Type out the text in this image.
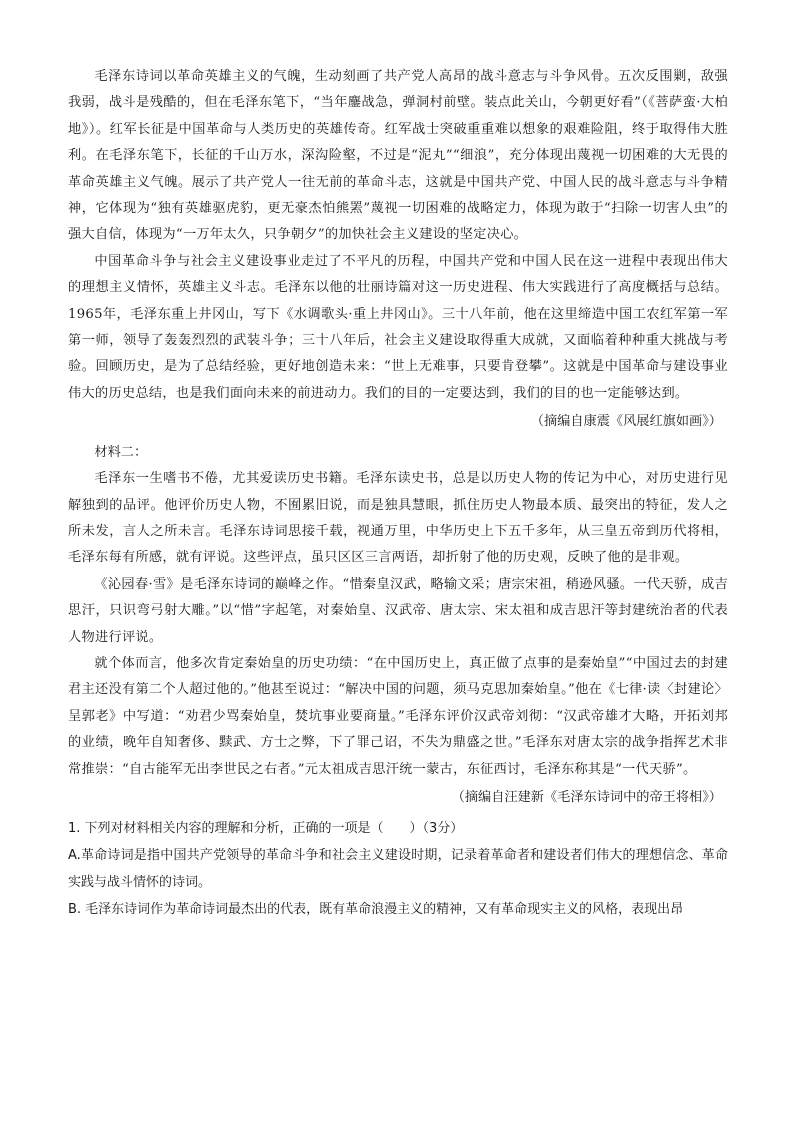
毛泽东诗词以革命英雄主义的气魄，生动刻画了共产党人高昂的战斗意志与斗争风骨。五次反围剿，敌强我弱，战斗是残酷的，但在毛泽东笔下，“当年鏖战急，弹洞村前壁。装点此关山，今朝更好看”（《菩萨蛮·大柏地》）。红军长征是中国革命与人类历史的英雄传奇。红军战士突破重重难以想象的艰难险阻，终于取得伟大胜利。在毛泽东笔下，长征的千山万水，深沟险壑，不过是“泥丸”“细浪”，充分体现出蔑视一切困难的大无畏的革命英雄主义气魄。展示了共产党人一往无前的革命斗志，这就是中国共产党、中国人民的战斗意志与斗争精神，它体现为“独有英雄驱虎豹，更无豪杰怕熊罴”蔑视一切困难的战略定力，体现为敢于“扫除一切害人虫”的强大自信，体现为“一万年太久，只争朝夕”的加快社会主义建设的坚定决心。

中国革命斗争与社会主义建设事业走过了不平凡的历程，中国共产党和中国人民在这一进程中表现出伟大的理想主义情怀，英雄主义斗志。毛泽东以他的壮丽诗篇对这一历史进程、伟大实践进行了高度概括与总结。1965年，毛泽东重上井冈山，写下《水调歌头·重上井冈山》。三十八年前，他在这里缔造中国工农红军第一军第一师，领导了轰轰烈烈的武装斗争；三十八年后，社会主义建设取得重大成就，又面临着种种重大挑战与考验。回顾历史，是为了总结经验，更好地创造未来：“世上无难事，只要肯登攀”。这就是中国革命与建设事业伟大的历史总结，也是我们面向未来的前进动力。我们的目的一定要达到，我们的目的也一定能够达到。

（摘编自康震《风展红旗如画》）

材料二：

毛泽东一生嗜书不倦，尤其爱读历史书籍。毛泽东读史书，总是以历史人物的传记为中心，对历史进行见解独到的品评。他评价历史人物，不囿累旧说，而是独具慧眼，抓住历史人物最本质、最突出的特征，发人之所未发，言人之所未言。毛泽东诗词思接千载，视通万里，中华历史上下五千多年，从三皇五帝到历代将相，毛泽东每有所感，就有评说。这些评点，虽只区区三言两语，却折射了他的历史观，反映了他的是非观。

《沁园春·雪》是毛泽东诗词的巅峰之作。“惜秦皇汉武，略输文采；唐宗宋祖，稍逊风骚。一代天骄，成吉思汗，只识弯弓射大雕。”以“惜”字起笔，对秦始皇、汉武帝、唐太宗、宋太祖和成吉思汗等封建统治者的代表人物进行评说。

就个体而言，他多次肯定秦始皇的历史功绩：“在中国历史上，真正做了点事的是秦始皇”“中国过去的封建君主还没有第二个人超过他的。”他甚至说过：“解决中国的问题，须马克思加秦始皇。”他在《七律·读〈封建论〉呈郭老》中写道：“劝君少骂秦始皇，焚坑事业要商量。”毛泽东评价汉武帝刘彻：“汉武帝雄才大略，开拓刘邦的业绩，晚年自知奢侈、黩武、方士之弊，下了罪己诏，不失为鼎盛之世。”毛泽东对唐太宗的战争指挥艺术非常推崇：“自古能军无出李世民之右者。”元太祖成吉思汗统一蒙古，东征西讨，毛泽东称其是“一代天骄”。

（摘编自汪建新《毛泽东诗词中的帝王将相》）

1. 下列对材料相关内容的理解和分析，正确的一项是（　　）（3分）

A.革命诗词是指中国共产党领导的革命斗争和社会主义建设时期，记录着革命者和建设者们伟大的理想信念、革命实践与战斗情怀的诗词。

B. 毛泽东诗词作为革命诗词最杰出的代表，既有革命浪漫主义的精神，又有革命现实主义的风格，表现出昂
